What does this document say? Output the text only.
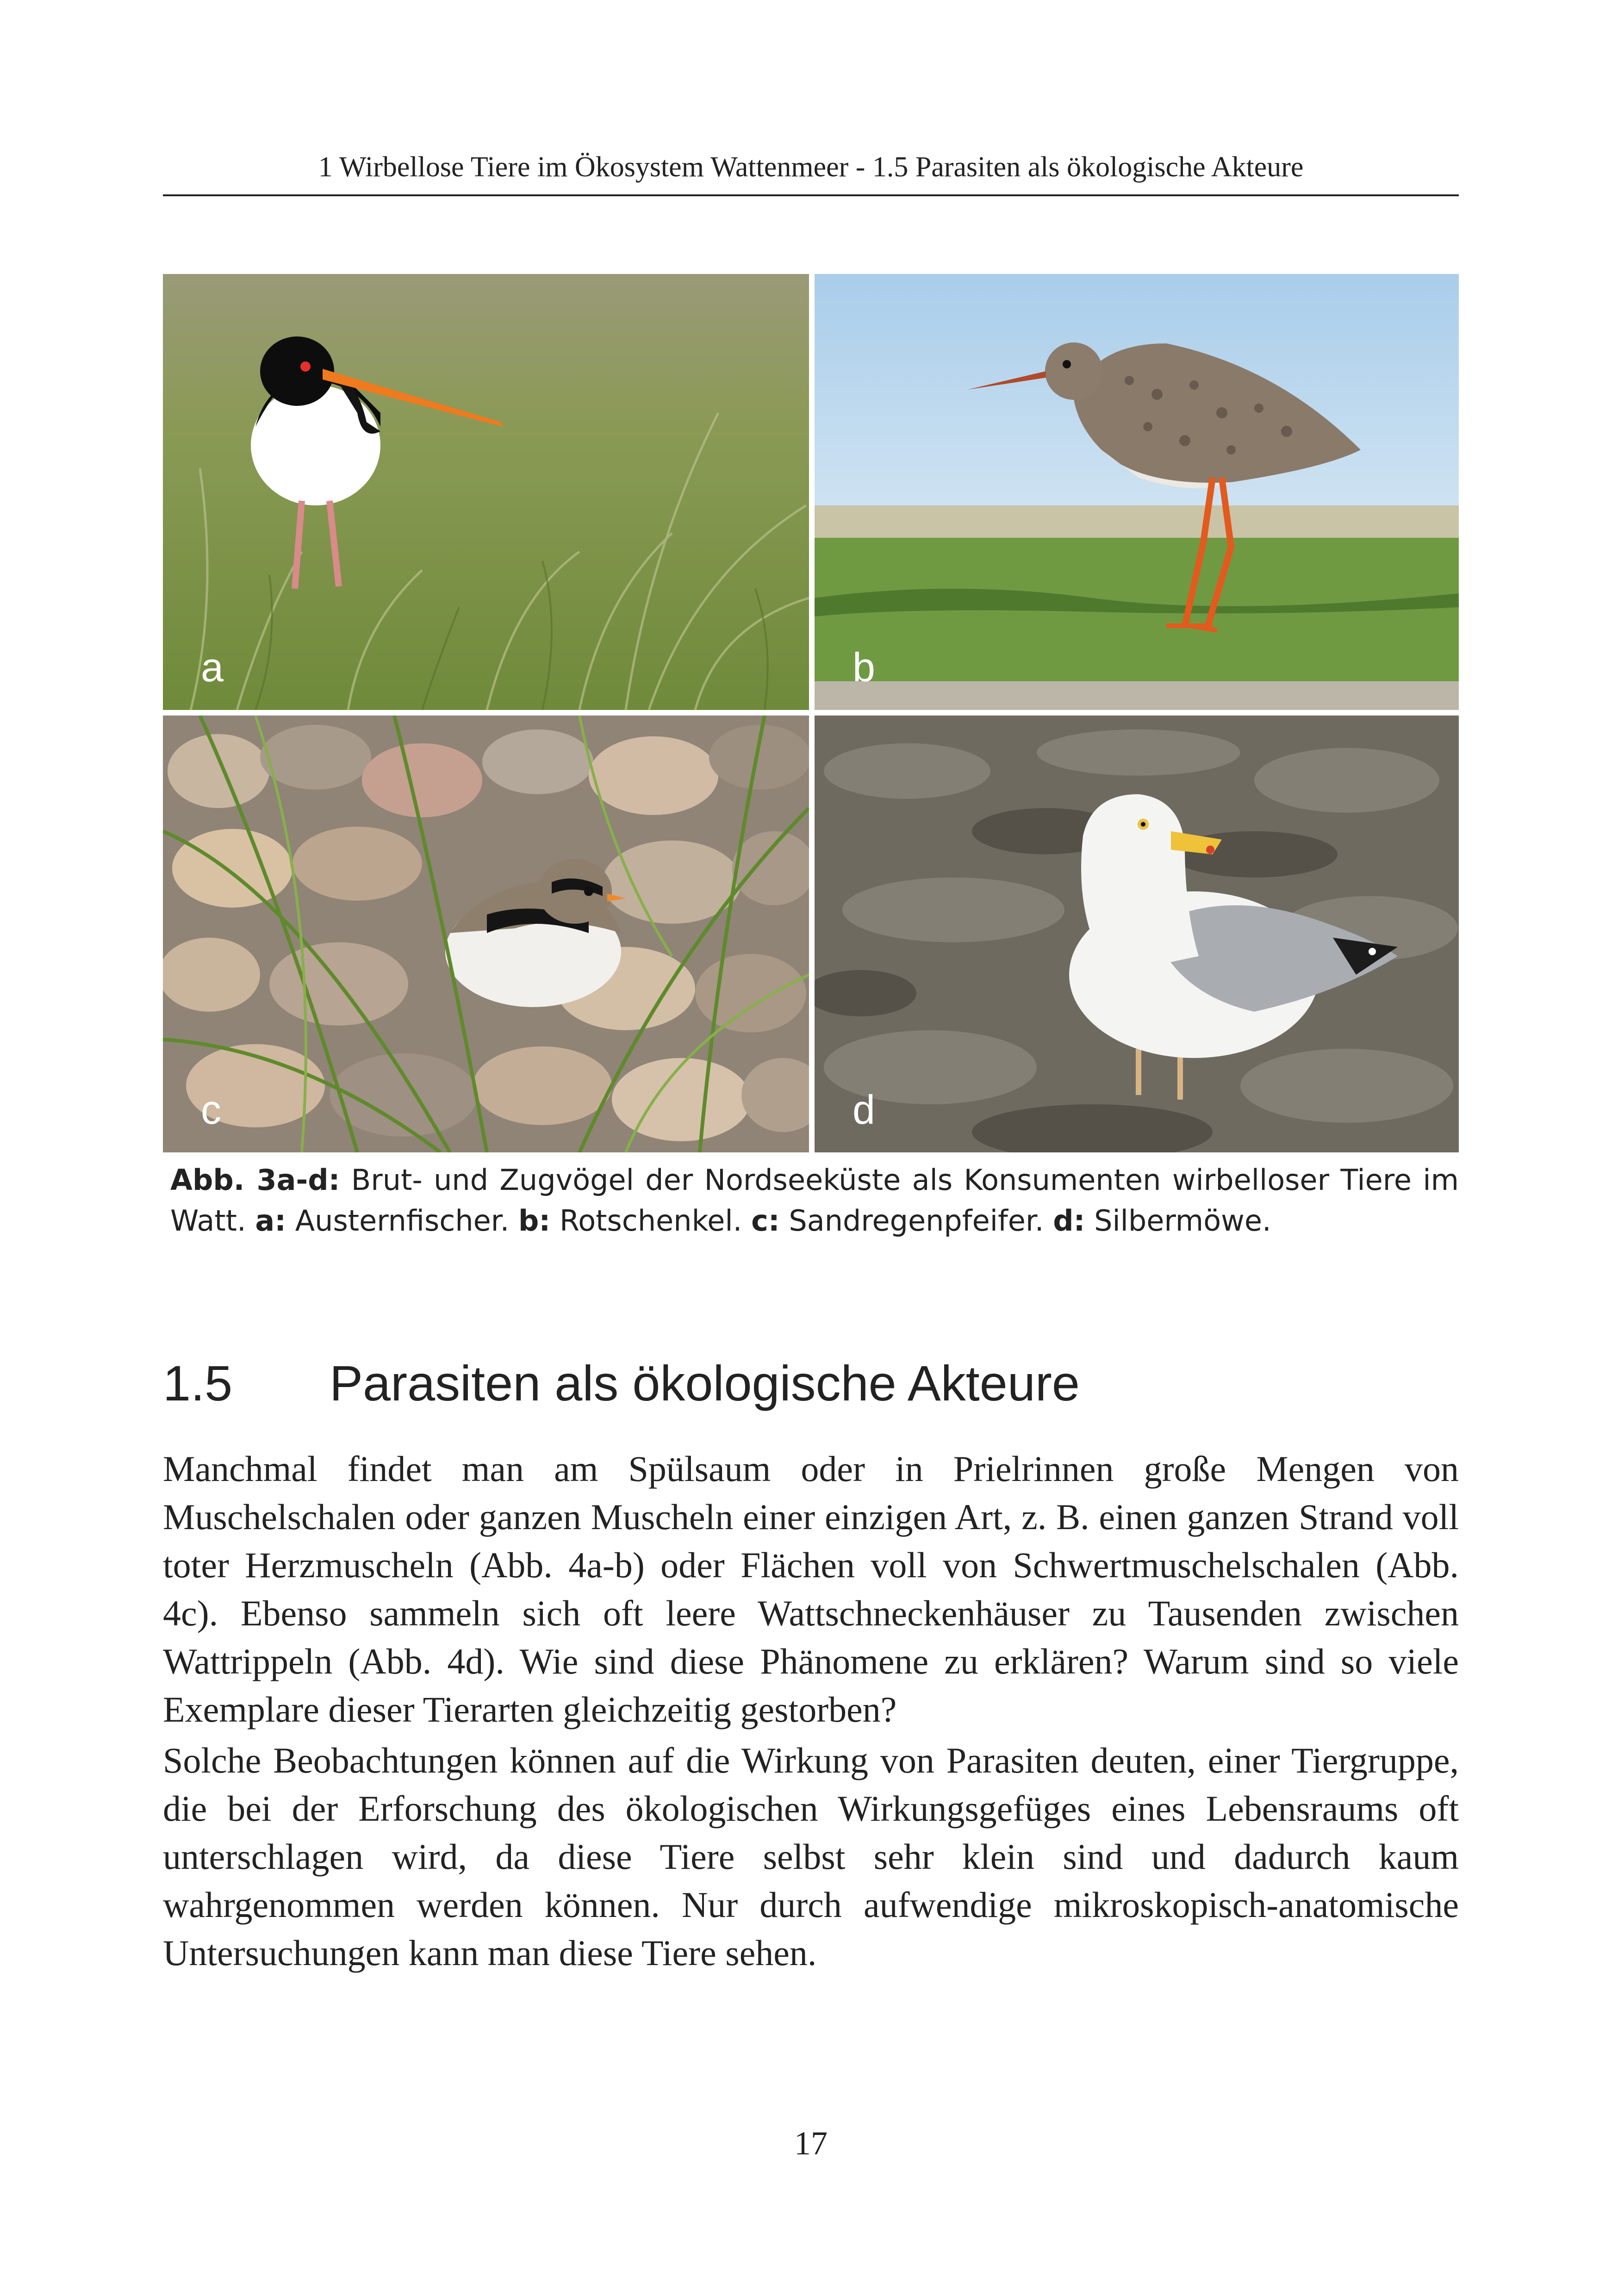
1 Wirbellose Tiere im Ökosystem Wattenmeer - 1.5 Parasiten als ökologische Akteure
a	b
c	d
Abb. 3a-d: Brut- und Zugvögel der Nordseeküste als Konsumenten wirbelloser Tiere im Watt. a: Austernfischer. b: Rotschenkel. c: Sandregenpfeifer. d: Silbermöwe.
1.5 Parasiten als ökologische Akteure

Manchmal findet man am Spülsaum oder in Prielrinnen große Mengen von Muschelschalen oder ganzen Muscheln einer einzigen Art, z. B. einen ganzen Strand voll toter Herzmuscheln (Abb. 4a-b) oder Flächen voll von Schwertmuschelschalen (Abb. 4c). Ebenso sammeln sich oft leere Wattschneckenhäuser zu Tausenden zwischen Wattrippeln (Abb. 4d). Wie sind diese Phänomene zu erklären? Warum sind so viele Exemplare dieser Tierarten gleichzeitig gestorben?

Solche Beobachtungen können auf die Wirkung von Parasiten deuten, einer Tiergruppe, die bei der Erforschung des ökologischen Wirkungsgefüges eines Lebensraums oft unterschlagen wird, da diese Tiere selbst sehr klein sind und dadurch kaum wahrgenommen werden können. Nur durch aufwendige mikroskopisch-anatomische Untersuchungen kann man diese Tiere sehen.

17
